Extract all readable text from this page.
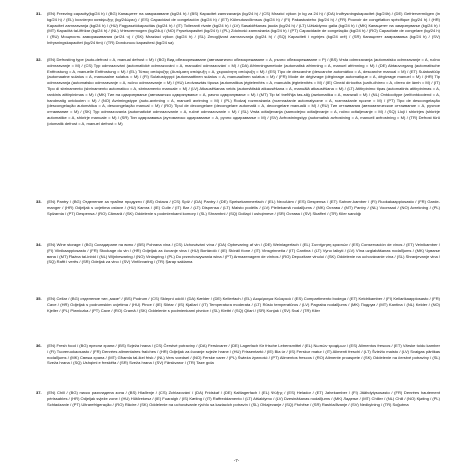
31.	(EN) Freezing capacity(kg/24 h) / (BG) Капацитет на замразяване (kg/24 h) / (BS) Kapacitet zamrzavanja (kg/24 h) / (CS) Mrazicí výkon (v kg za 24 h) / (DA) Indfrysningskapacitet (kg/24h) / (DE) Gefriervermögen (in kg/24 h) / (EL) Ικανότητα κατάψυξης (kg/24ώρες) / (ES) Capacidad de congelación (kg/24 h) / (ET) Külmutusvõimsus (kg/24 h) / (FI) Pakastusteho (kg/24 h) / (FR) Pouvoir de congélation spécifique (kg/24 h) / (HR) Kapacitet zamrzavanja (kg/24 h) / (HU) Fagyasztókapacitás (kg/24 h) / (IT) Tolleranti rivate (kg/24 h) / (LV) Sasaldēšanas jauda (kg/24 h) / (LT) Užšaldymo galia (kg/24 h) / (MK) Капацитет на замрзнување (kg/24 h) / (MT) Kapaċità tal-iffriżar (kg/24 h) / (NL) Vriesvermogen (kg/24u) / (NO) Frysekapasitet (kg/24 t) / (PL) Zdolność zamrażania (kg/24 h) / (PT) Capacidade de congelação (kg/24 h) / (RO) Capacitate de congelare (kg/24 h) / (RU) Мощность замораживания (кг/24 ч) / (SK) Mraziaci výkon (kg/24 h) / (SL) Zmogljivost zamrzovanja (kg/24 h) / (SQ) Kapaciteti i ngrirjes (kg/24 orë) / (SR) Капацитет замрзавања (kg/24 h) / (SV) Infrysningskapacitet (kg/24 tim) / (TR) Dondurucu kapasitesi (kg/24 sa)
32.	(EN) Defrosting type (auto-defrost = A, manual defrost = M) / (BG) Вид обезскрежаване (автоматично обезскрежаване = A, ръчно обезскрежаване = Р) / (BS) Vrsta odmrzavanja (automatsko odmrzavanje = A, ručno odmrzavanje = M) / (CS) Typ odmrazování (automatické odmrazování = A, manuální odmrazování = M) / (DA) Afrimningsmetode (automatisk afrimning = A, manuel afrimning = M) / (DE) Abtauvorgang (automatische Entfrostung = A, manuelle Entfrostung = M) / (EL) Τύπος απόψυξης (Αυτόματη απόψυξη = A, χειροκίνητη απόψυξη = M) / (ES) Tipo de descarche (descarche automático = A, descarche manual = M) / (ET) Sulatustüüp (automaatne sulatus = A, manuaalne sulatus = M) / (FI) Sulatustyyppi (automaattinen sulatus = A, manuaalinen sulatus = M) / (FR) Mode de dégivrage (dégivrage automatique = A, dégivrage manuel = M) / (HR) Tip odmrzavanja (automatsko odmrzavanje = A, ručno odmrzavanje = M) / (HU) Leolvasztás típusa (automatikus jégtelenítés = A, manuális jégtelenítés = M) / (IE) Cineál dírioctha (uath-dhíreo = A, dírreo de lámh = M) / (IT) Tipo di sbrinamento (sbrinamento automatico = A, sbrinamento manuale = M) / (LV) Atkausēšanas veids (automātiskā atkausēšana = A, manuālā atkausēšana = M) / (LT) Atitirpinimo tipas (automatinis atitirpinimas = A, rankinis atitirpinimas = M) / (MK) Тип на одмрзнување (автоматско одмрзнување = A, рачно одмрзнување = M) / (MT) Tip ta' tneħħija tas-silġ (awtomatika = A, manwali = M) / (NL) Ontdooitype (zelfontdooiend = A, handmatig ontdooien = M) / (NO) Avrimingstype (auto-avriming = A, manuell avriming = M) / (PL) Rodzaj rozmrażania (rozmrażanie automatyczne = A, rozmrażanie ręczne = M) / (PT) Tipo de descongelação (descongelação automática = A, descongelação manual = M) / (RO) Tipul de decongelare (decongelare automată = A, decongelare manuală = M) / (RU) Тип оттаивания (автоматическое оттаивание = A, ручное оттаивание = M) / (SK) Typ odmrazovania (automatické odmrazovanie = A, ručné odmrazovanie = M) / (SL) Vrsta odtaljevanja (samodejno odtaljevanje = A, ročno odtaljevanje = M) / (SQ) Lloji i shkrirjes (shkrirje automatike = A, shkrirje manuale = M) / (SR) Тип одмрзавања (аутоматско одмрзавање = A, ручно одмрзавање = M) / (SV) Avfrostningstyp (automatisk avfrostning = A, manuell avfrostning = M) / (TR) Defrost türü (otomatik defrost = A, manuel defrost = M)
33.	(EN) Pantry / (BG) Отделение за трайни продукти / (BS) Ostava / (CS) Spíž / (DA) Pantry / (DE) Speisekammerfach / (EL) Ντουλάπι / (ES) Despensa / (ET) Sahver-kamber / (FI) Ruokakaappiosasto / (FR) Garde-manger / (HR) Odjeljak s uvjetima ostave / (HU) Kamra / (IE) Cuile / (IT) Bar / (LT) Dispensa / (LT) Maisto podėlis / (LV) Pieliekamā nodalījums / (MK) Оставa / (MT) Pantry / (NL) Voorraad / (NO) Avrekning / (PL) Spiżarnia / (PT) Despensa / (RO) Cămară / (SK) Oddelenie s podmienkami komory / (SL) Shrambni / (SQ) Dollapi i ushqimeve / (SR) Остава / (SV) Skafferi / (TR) Kiler sandığı
34.	(EN) Wine storage / (BG) Складиране на вино / (BS) Pohrana vina / (CS) Uchovávání vína / (DA) Opbevaring af vin / (DE) Weinlagerfach / (EL) Συντήρηση κρασιών / (ES) Conservación de vinos / (ET) Veinikamber / (FI) Viinikaappiosasto / (FR) Stockage du vin / (HR) Odjeljak za čuvanje vina / (HU) Bortároló / (IE) Stóráil fíone / (IT) Vinsgrinnetia / (IT) Cantina / (LT) Vyno laikyti / (LV) Vīna uzglabāšanas nodalījums / (MK) Чување вина / (MT) Ħażna tal-inbid / (NL) Wijnbewaring / (NO) Vinlagring / (PL) Do przechowywania wina / (PT) Armazenagem de vinhos / (RO) Depozitare vinuluí / (SK) Oddelenie na uchovávanie vína / (SL) Shranjevanje vina / (SQ) Raftt i verës / (SR) Odeljak za vino / (SV) Vinförvaring / (TR) Şarap saklama
35.	(EN) Cellar / (BG) отделение тип „мазе“ / (BS) Podrum / (CS) Sklepní oddíl / (DA) Kælder / (DE) Kellerfach / (EL) Διαμέρισμα Κελαριού / (ES) Compartimento bodega / (ET) Keldrikamber / (FI) Kellarikaappiosasto / (FR) Cave / (HR) Odjeljak s podrumskim uvjetima / (HU) Pince / (IE) Siléar / (IS) Kjallari / (IT) Temperatura moderata / (LT) Rūsio temperatūros / (LV) Pagraba nodalījums / (MK) Подрум / (MT) Kantina / (NL) Kelder / (NO) Kjeller / (PL) Piwniczka / (PT) Cave / (RO) Cramă / (SK) Oddelenie s podmienkami pivnice / (SL) Klettri / (SQ) Qilari / (SR) Konjak / (SV) Sval / (TR) Kiler
36.	(EN) Fresh food / (BG) пресни храни / (BS) Svježa hrana / (CS) Čerstvé potraviny / (DA) Ferskvarer / (DE) Lagerfach für frische Lebensmittel / (EL) Νωπών τροφίμων / (ES) Alimentos frescos / (ET) Värske toidu kamber / (FI) Tuoreruokaosasto / (FR) Denrées alimentaires fraîches / (HR) Odjeljak za čuvanje svježe hrane / (HU) Frissentartó / (IE) Bia úr / (IS) Ferskur matur / (IT) Alimenti freschi / (LT) Šviežio maisto / (LV) Svaigas pārtikas nodalījums / (MK) Свежа храна / (MT) Għamla tal-ikel frisk / (NL) Vers voedsel / (NO) Ferske varer / (PL) Świeża żywność / (PT) Alimentos frescos / (RO) Alimente proaspete / (SK) Oddelenie na čerstvé potraviny / (SL) Sveža hrana / (SQ) Ushqimi e freskëta / (SR) Sveža hrana / (SV) Färskvaror / (TR) Taze gıda
37.	(EN) Chill / (BG) ниско разхладена зона / (BS) Hlađenje / (CS) Zchlazování / (DA) Fridskaf / (DE) Kaltlagerfach / (EL) Ψύξης / (ES) Helador / (ET) Jahekamber / (FI) Jäähdytysosasto / (FR) Denrées hautement périssables / (HR) Odjeljak svježe zone / (HU) Hűtőrekesz / (IE) Fuaraigh / (IS) Kæling / (IT) Raffreddamento / (LT) Atšaldymo / (LV) Dzesināšanas nodalījums / (MK) Ладење / (MT) Chiller / (NL) Chill / (NO) Kjøling / (PL) Schładzanie / (PT) Ultrarefrigeração / (RO) Răcire / (SK) Oddelenie na uchovávanie rýchlo sa kaziacich potravín / (SL) Ohlajevanje / (SQ) Ftohëse / (SR) Rashlađivanje / (SV) Nedkylning / (TR) Soğutma
-7-
